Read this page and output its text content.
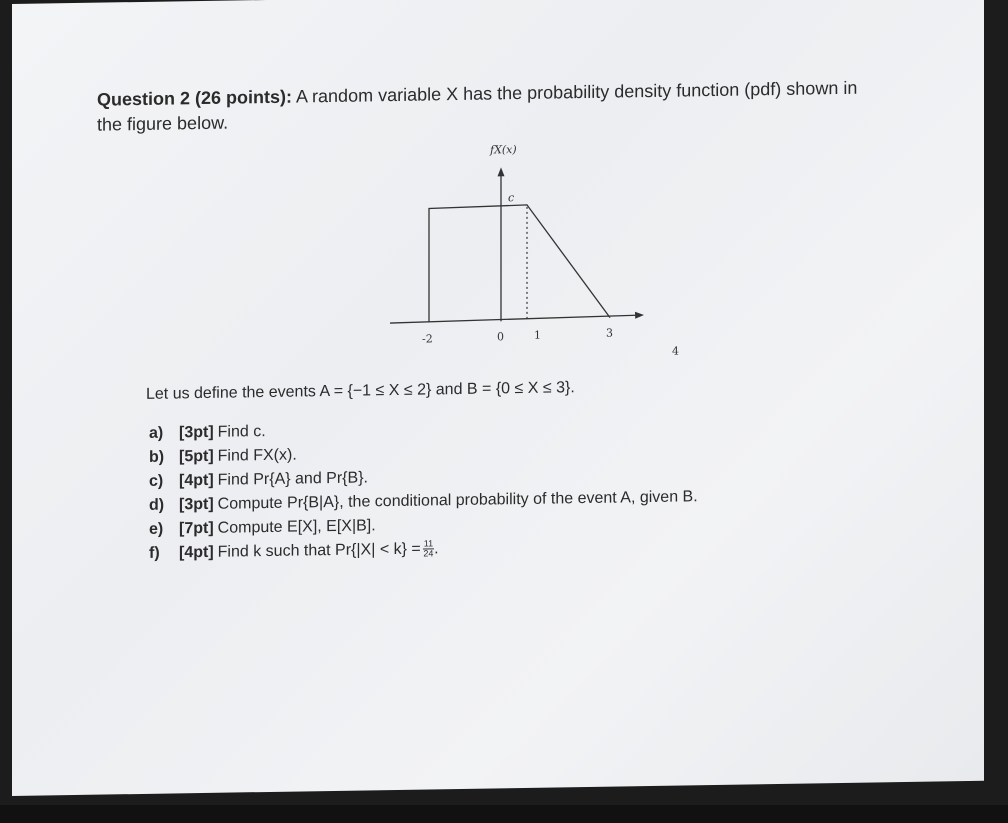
Question 2 (26 points): A random variable X has the probability density function (pdf) shown in
the figure below.
fX(x)
c
-2	0	1	3
4
Let us define the events A = {−1 ≤ X ≤ 2} and B = {0 ≤ X ≤ 3}.
a) [3pt] Find c.
b) [5pt] Find FX(x).
c) [4pt] Find Pr{A} and Pr{B}.
d) [3pt] Compute Pr{B|A}, the conditional probability of the event A, given B.
e) [7pt] Compute E[X], E[X|B].
f) [4pt] Find k such that $Pr\{|X| < k\} = \frac{11}{24}$ .
